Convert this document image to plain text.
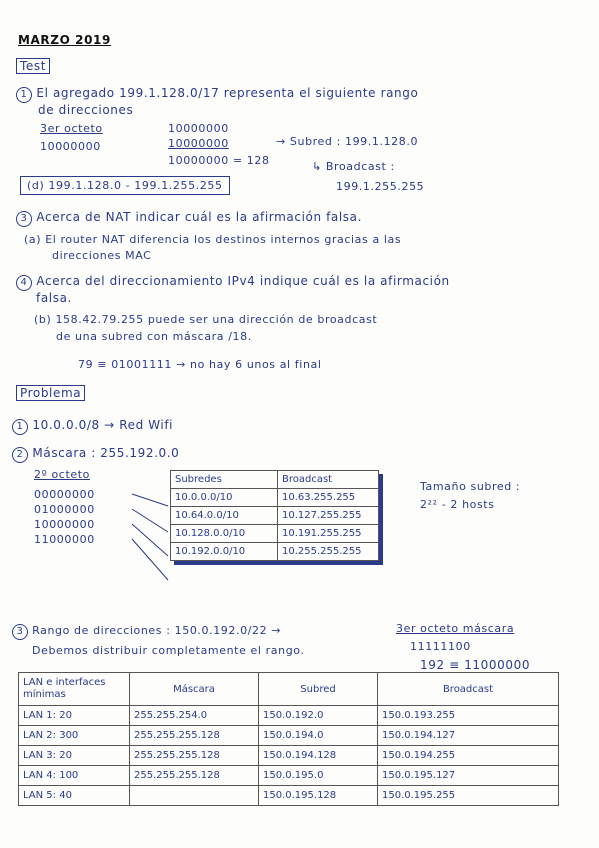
MARZO 2019
Test
1 El agregado 199.1.128.0/17 representa el siguiente rango
de direcciones
3er octeto
10000000
10000000
10000000
10000000 = 128
→ Subred : 199.1.128.0
↳ Broadcast :
(d) 199.1.128.0 - 199.1.255.255	199.1.255.255
3 Acerca de NAT indicar cuál es la afirmación falsa.
(a) El router NAT diferencia los destinos internos gracias a las
direcciones MAC
4 Acerca del direccionamiento IPv4 indique cuál es la afirmación
falsa.
(b) 158.42.79.255 puede ser una dirección de broadcast
de una subred con máscara /18.
79 ≡ 01001111 → no hay 6 unos al final
Problema
1 10.0.0.0/8 → Red Wifi
2 Máscara : 255.192.0.0
2º octeto
00000000
01000000
10000000
11000000
Subredes	Broadcast
10.0.0.0/10	10.63.255.255
10.64.0.0/10	10.127.255.255
10.128.0.0/10	10.191.255.255
10.192.0.0/10	10.255.255.255
Tamaño subred :
2²² - 2 hosts
3 Rango de direcciones : 150.0.192.0/22 →
Debemos distribuir completamente el rango.
3er octeto máscara
11111100
192 ≡ 11000000
LAN e interfaces mínimas	Máscara	Subred	Broadcast
LAN 1: 20	255.255.254.0	150.0.192.0	150.0.193.255
LAN 2: 300	255.255.255.128	150.0.194.0	150.0.194.127
LAN 3: 20	255.255.255.128	150.0.194.128	150.0.194.255
LAN 4: 100	255.255.255.128	150.0.195.0	150.0.195.127
LAN 5: 40		150.0.195.128	150.0.195.255
